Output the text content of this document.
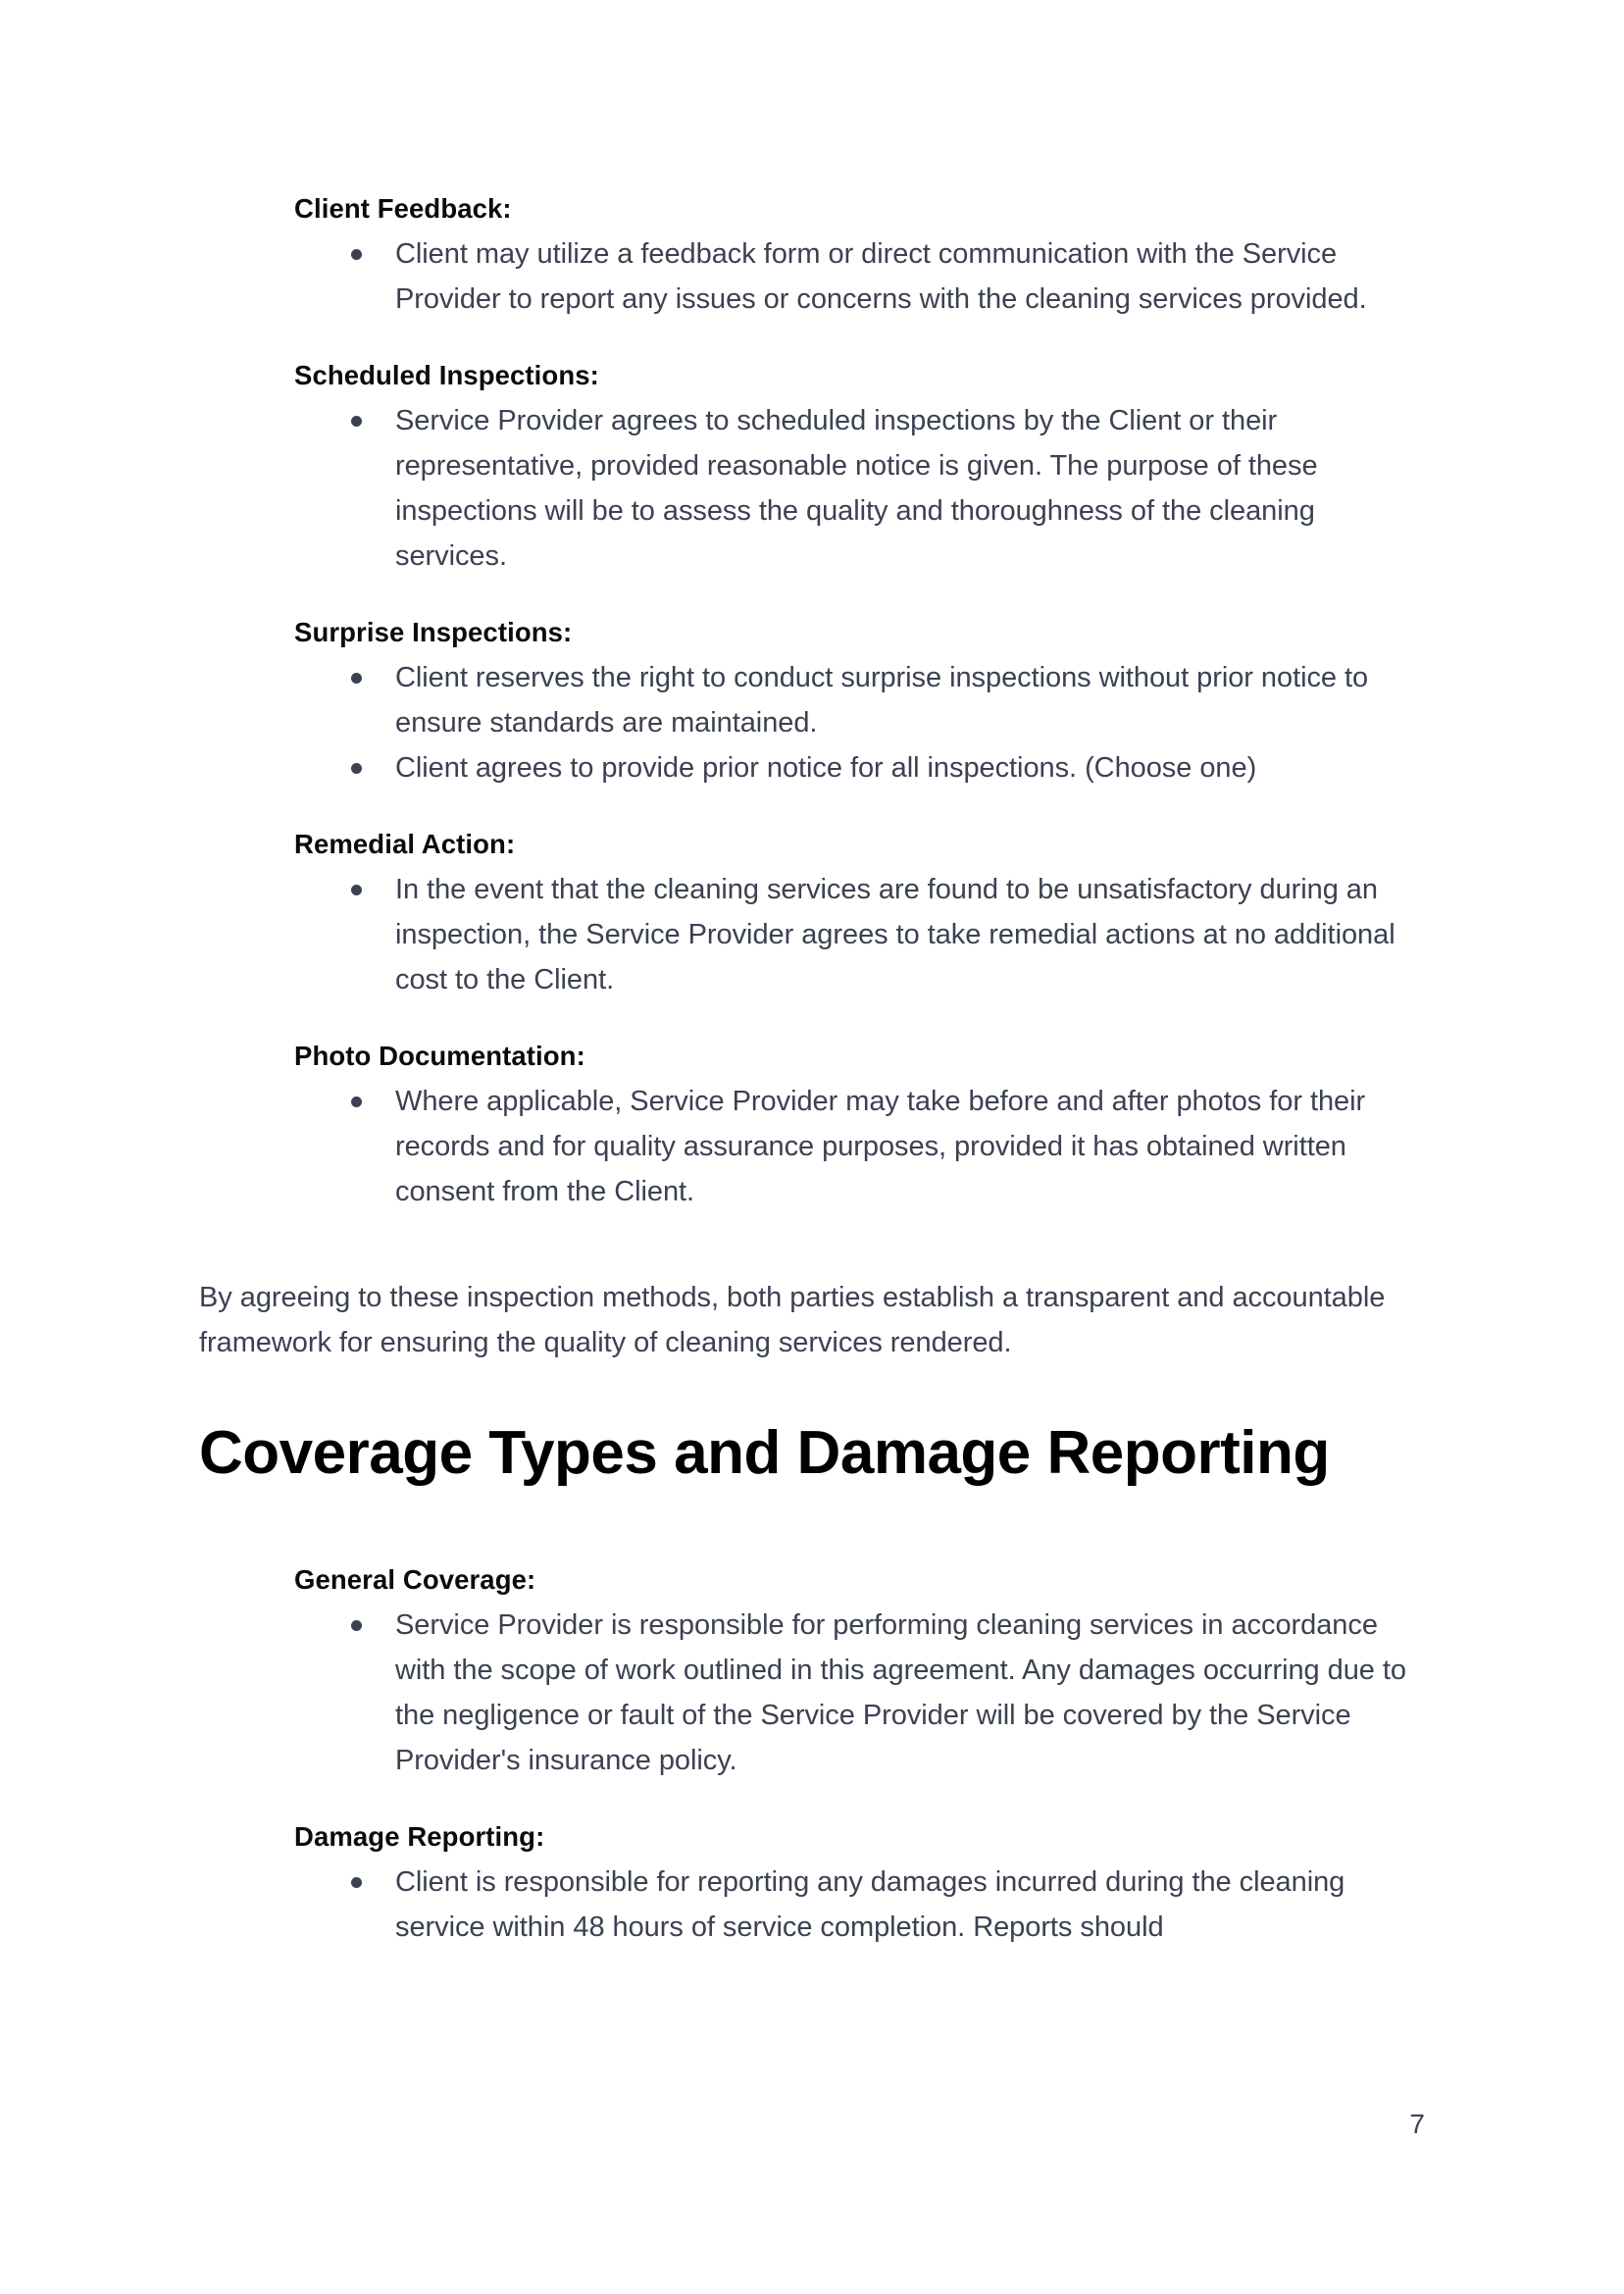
Client Feedback:
Client may utilize a feedback form or direct communication with the Service Provider to report any issues or concerns with the cleaning services provided.
Scheduled Inspections:
Service Provider agrees to scheduled inspections by the Client or their representative, provided reasonable notice is given. The purpose of these inspections will be to assess the quality and thoroughness of the cleaning services.
Surprise Inspections:
Client reserves the right to conduct surprise inspections without prior notice to ensure standards are maintained.
Client agrees to provide prior notice for all inspections. (Choose one)
Remedial Action:
In the event that the cleaning services are found to be unsatisfactory during an inspection, the Service Provider agrees to take remedial actions at no additional cost to the Client.
Photo Documentation:
Where applicable, Service Provider may take before and after photos for their records and for quality assurance purposes, provided it has obtained written consent from the Client.

By agreeing to these inspection methods, both parties establish a transparent and accountable framework for ensuring the quality of cleaning services rendered.

Coverage Types and Damage Reporting
General Coverage:
Service Provider is responsible for performing cleaning services in accordance with the scope of work outlined in this agreement. Any damages occurring due to the negligence or fault of the Service Provider will be covered by the Service Provider's insurance policy.
Damage Reporting:
Client is responsible for reporting any damages incurred during the cleaning service within 48 hours of service completion. Reports should
7
